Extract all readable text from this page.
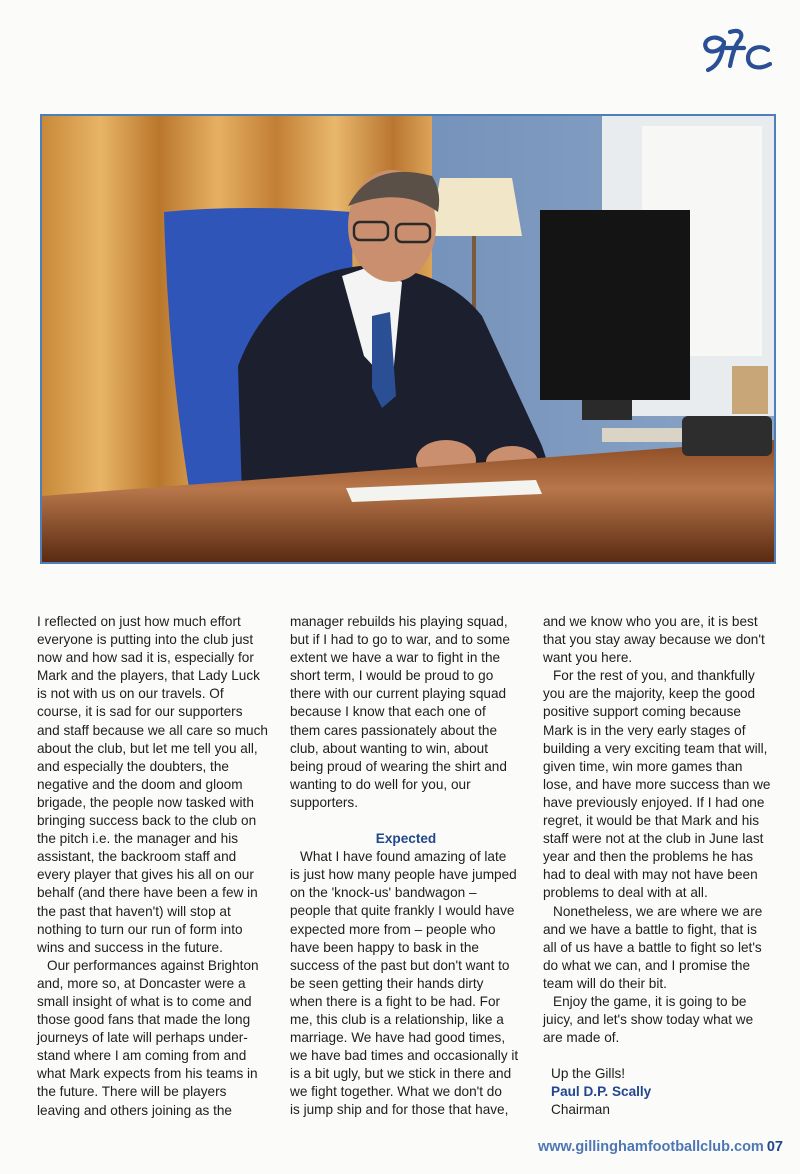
I reflected on just how much effort
everyone is putting into the club just
now and how sad it is, especially for
Mark and the players, that Lady Luck
is not with us on our travels. Of
course, it is sad for our supporters
and staff because we all care so much
about the club, but let me tell you all,
and especially the doubters, the
negative and the doom and gloom
brigade, the people now tasked with
bringing success back to the club on
the pitch i.e. the manager and his
assistant, the backroom staff and
every player that gives his all on our
behalf (and there have been a few in
the past that haven't) will stop at
nothing to turn our run of form into
wins and success in the future.

Our performances against Brighton
and, more so, at Doncaster were a
small insight of what is to come and
those good fans that made the long
journeys of late will perhaps under-
stand where I am coming from and
what Mark expects from his teams in
the future. There will be players
leaving and others joining as the

manager rebuilds his playing squad,
but if I had to go to war, and to some
extent we have a war to fight in the
short term, I would be proud to go
there with our current playing squad
because I know that each one of
them cares passionately about the
club, about wanting to win, about
being proud of wearing the shirt and
wanting to do well for you, our
supporters.

Expected

What I have found amazing of late
is just how many people have jumped
on the 'knock-us' bandwagon –
people that quite frankly I would have
expected more from – people who
have been happy to bask in the
success of the past but don't want to
be seen getting their hands dirty
when there is a fight to be had. For
me, this club is a relationship, like a
marriage. We have had good times,
we have bad times and occasionally it
is a bit ugly, but we stick in there and
we fight together. What we don't do
is jump ship and for those that have,

and we know who you are, it is best
that you stay away because we don't
want you here.

For the rest of you, and thankfully
you are the majority, keep the good
positive support coming because
Mark is in the very early stages of
building a very exciting team that will,
given time, win more games than
lose, and have more success than we
have previously enjoyed. If I had one
regret, it would be that Mark and his
staff were not at the club in June last
year and then the problems he has
had to deal with may not have been
problems to deal with at all.

Nonetheless, we are where we are
and we have a battle to fight, that is
all of us have a battle to fight so let's
do what we can, and I promise the
team will do their bit.

Enjoy the game, it is going to be
juicy, and let's show today what we
are made of.

Up the Gills!
Paul D.P. Scally
Chairman
www.gillinghamfootballclub.com 07
